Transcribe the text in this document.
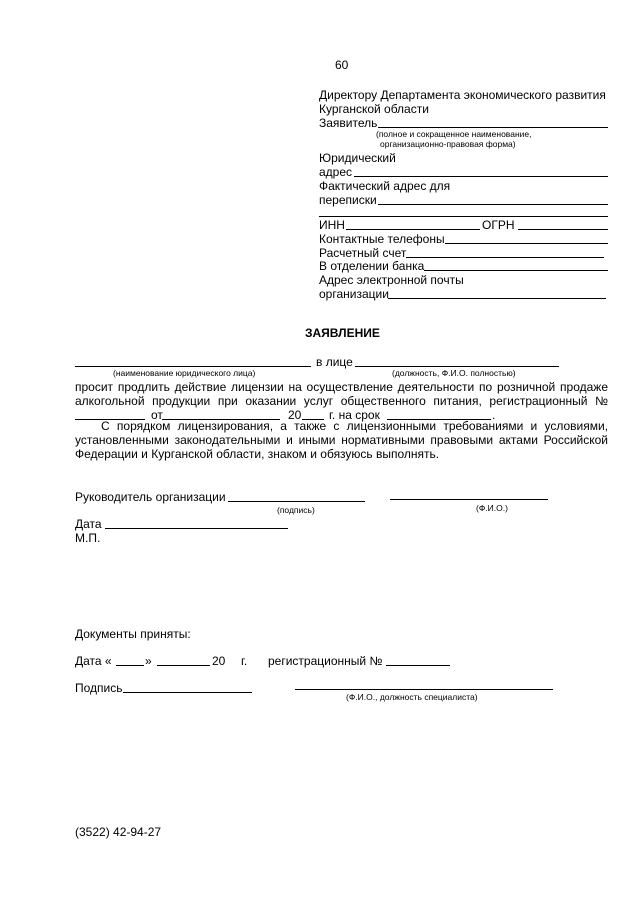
60
Директору Департамента экономического развития
Курганской области
Заявитель
(полное и сокращенное наименование,
организационно-правовая форма)
Юридический
адрес
Фактический адрес для
переписки
ИНН	ОГРН
Контактные телефоны
Расчетный счет
В отделении банка
Адрес электронной почты
организации
ЗАЯВЛЕНИЕ
в лице
(наименование юридического лица)	(должность, Ф.И.О. полностью)
просит продлить действие лицензии на осуществление деятельности по розничной продаже
алкогольной продукции при оказании услуг общественного питания, регистрационный №
от	20 г. на срок	.
С порядком лицензирования, а также с лицензионными требованиями и условиями,
установленными законодательными и иными нормативными правовыми актами Российской
Федерации и Курганской области, знаком и обязуюсь выполнять.
Руководитель организации
(подпись)	(Ф.И.О.)
Дата
М.П.
Документы приняты:
Дата «	»	20 г. регистрационный №
Подпись
(Ф.И.О., должность специалиста)
(3522) 42-94-27
